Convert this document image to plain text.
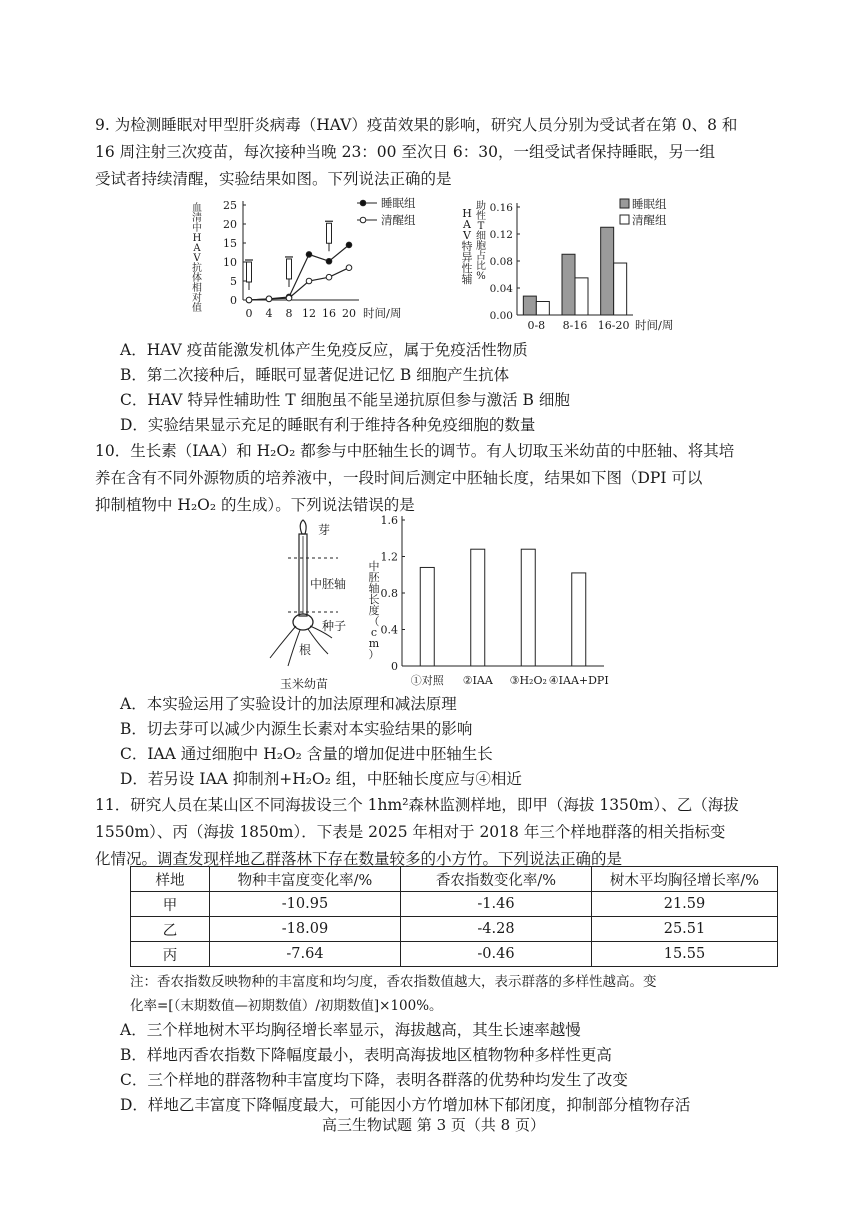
9. 为检测睡眠对甲型肝炎病毒（HAV）疫苗效果的影响，研究人员分别为受试者在第 0、8 和
16 周注射三次疫苗，每次接种当晚 23：00 至次日 6：30，一组受试者保持睡眠，另一组
受试者持续清醒，实验结果如图。下列说法正确的是
0
5
10
15
20
25
0 4 8 12 16 20 时间/周
血
清
中
H
A
V
抗
体
相
对
值
睡眠组
清醒组
0.00
0.04
0.08
0.12
0.16
0-8 8-16 16-20 时间/周
H
A
V
特
异
性
辅
助
性
T
细
胞
占
比
%
睡眠组
清醒组
A．HAV 疫苗能激发机体产生免疫反应，属于免疫活性物质
B．第二次接种后，睡眠可显著促进记忆 B 细胞产生抗体
C．HAV 特异性辅助性 T 细胞虽不能呈递抗原但参与激活 B 细胞
D．实验结果显示充足的睡眠有利于维持各种免疫细胞的数量
10．生长素（IAA）和 H₂O₂ 都参与中胚轴生长的调节。有人切取玉米幼苗的中胚轴、将其培
养在含有不同外源物质的培养液中，一段时间后测定中胚轴长度，结果如下图（DPI 可以
抑制植物中 H₂O₂ 的生成）。下列说法错误的是
芽
中胚轴
种子
根
玉米幼苗
0
0.4
0.8
1.2
1.6
①对照 ②IAA ③H₂O₂ ④IAA+DPI
中
胚
轴
长
度
（
c
m
）
A．本实验运用了实验设计的加法原理和减法原理
B．切去芽可以减少内源生长素对本实验结果的影响
C．IAA 通过细胞中 H₂O₂ 含量的增加促进中胚轴生长
D．若另设 IAA 抑制剂+H₂O₂ 组，中胚轴长度应与④相近
11．研究人员在某山区不同海拔设三个 1hm²森林监测样地，即甲（海拔 1350m）、乙（海拔
1550m）、丙（海拔 1850m）．下表是 2025 年相对于 2018 年三个样地群落的相关指标变
化情况。调查发现样地乙群落林下存在数量较多的小方竹。下列说法正确的是
样地	物种丰富度变化率/%	香农指数变化率/%	树木平均胸径增长率/%
甲	-10.95	-1.46	21.59
乙	-18.09	-4.28	25.51
丙	-7.64	-0.46	15.55
注：香农指数反映物种的丰富度和均匀度，香农指数值越大，表示群落的多样性越高。变
化率=[（末期数值—初期数值）/初期数值]×100%。
A．三个样地树木平均胸径增长率显示，海拔越高，其生长速率越慢
B．样地丙香农指数下降幅度最小，表明高海拔地区植物物种多样性更高
C．三个样地的群落物种丰富度均下降，表明各群落的优势种均发生了改变
D．样地乙丰富度下降幅度最大，可能因小方竹增加林下郁闭度，抑制部分植物存活
高三生物试题 第 3 页（共 8 页）
